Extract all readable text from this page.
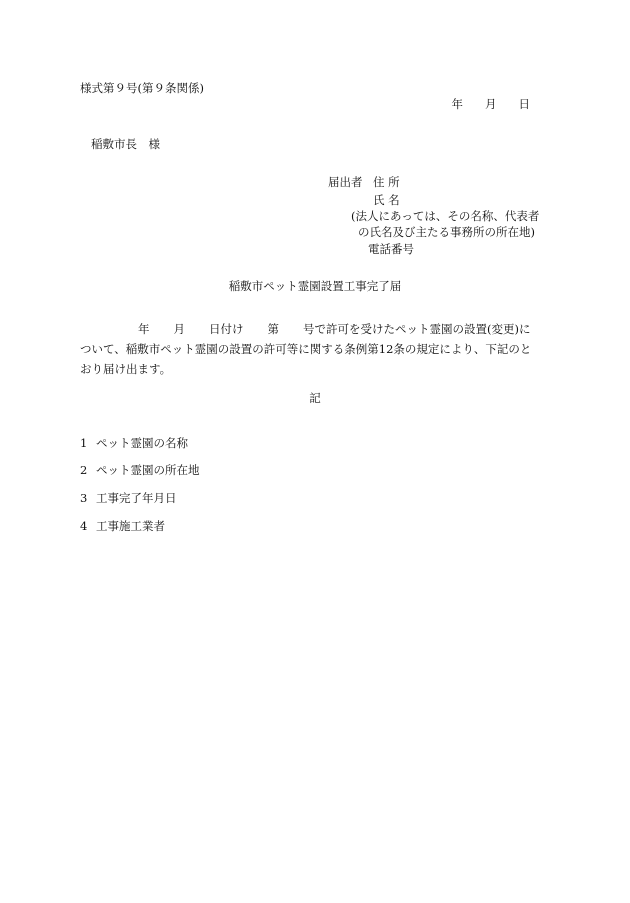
様式第９号(第９条関係)
年 月 日
稲敷市長　様
届出者 住 所
氏 名
(法人にあっては、その名称、代表者
の氏名及び主たる事務所の所在地)
電話番号
稲敷市ペット霊園設置工事完了届
年 月 日付け 第 号で許可を受けたペット霊園の設置(変更)に
ついて、稲敷市ペット霊園の設置の許可等に関する条例第12条の規定により、下記のと
おり届け出ます。
記
1 ペット霊園の名称
2 ペット霊園の所在地
3 工事完了年月日
4 工事施工業者
